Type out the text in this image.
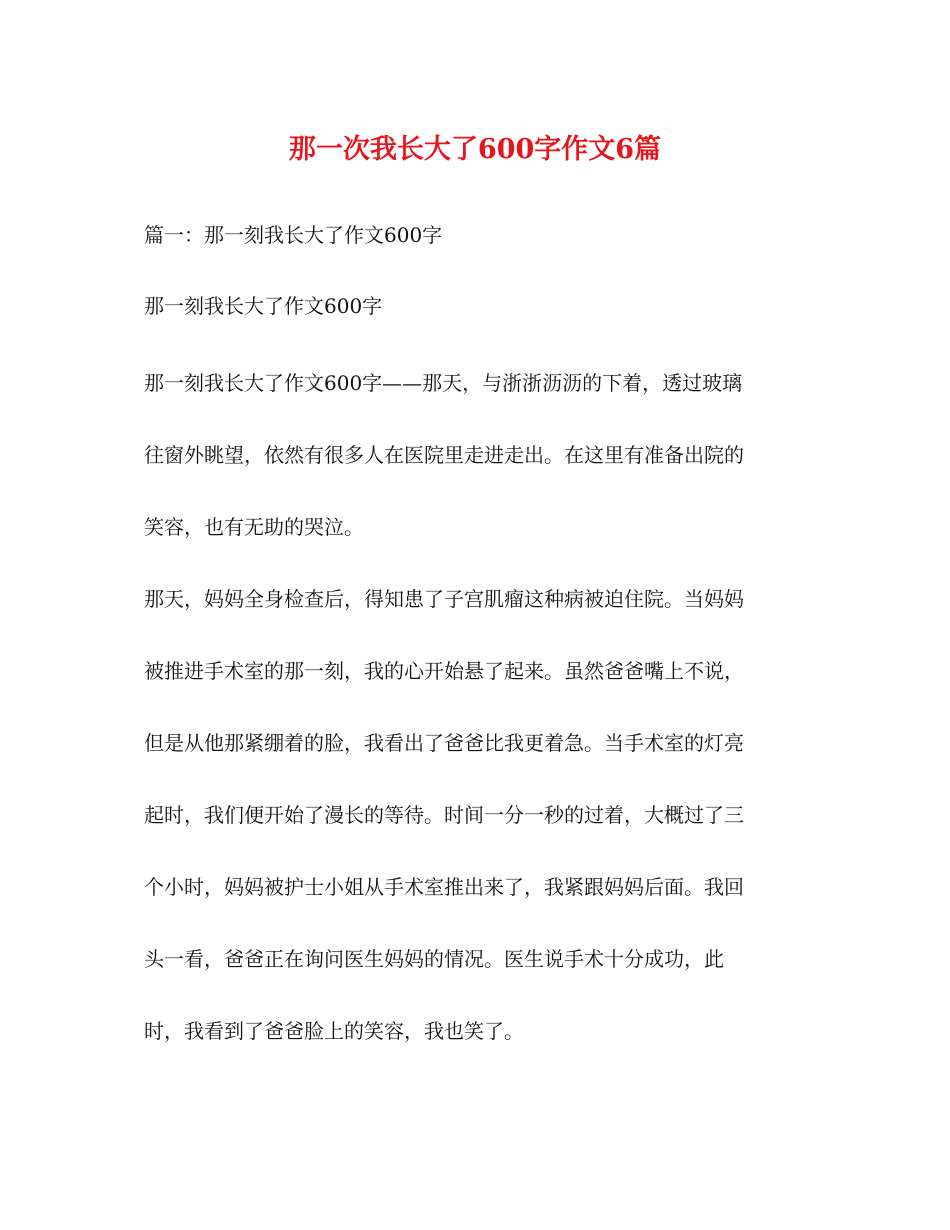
那一次我长大了600字作文6篇
篇一：那一刻我长大了作文600字
那一刻我长大了作文600字
那一刻我长大了作文600字——那天，与浙浙沥沥的下着，透过玻璃
往窗外眺望，依然有很多人在医院里走进走出。在这里有准备出院的
笑容，也有无助的哭泣。
那天，妈妈全身检查后，得知患了子宫肌瘤这种病被迫住院。当妈妈
被推进手术室的那一刻，我的心开始悬了起来。虽然爸爸嘴上不说，
但是从他那紧绷着的脸，我看出了爸爸比我更着急。当手术室的灯亮
起时，我们便开始了漫长的等待。时间一分一秒的过着，大概过了三
个小时，妈妈被护士小姐从手术室推出来了，我紧跟妈妈后面。我回
头一看，爸爸正在询问医生妈妈的情况。医生说手术十分成功，此
时，我看到了爸爸脸上的笑容，我也笑了。
